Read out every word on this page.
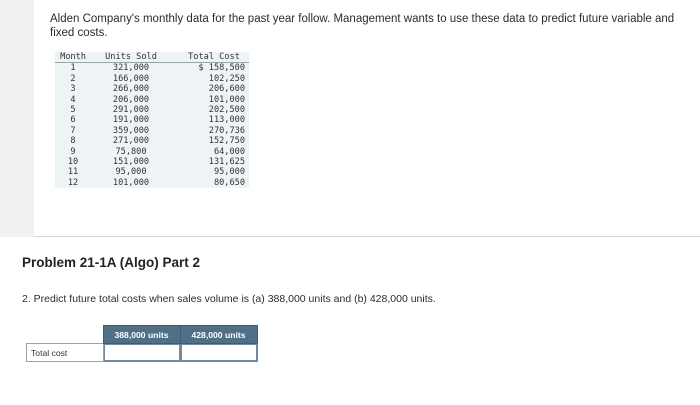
Alden Company's monthly data for the past year follow. Management wants to use these data to predict future variable and fixed costs.
Month	Units Sold		Total Cost
1	321,000		$ 158,500
2	166,000		102,250
3	266,000		206,600
4	206,000		101,000
5	291,000		202,500
6	191,000		113,000
7	359,000		270,736
8	271,000		152,750
9	75,800		64,000
10	151,000		131,625
11	95,000		95,000
12	101,000		80,650
Problem 21-1A (Algo) Part 2
2. Predict future total costs when sales volume is (a) 388,000 units and (b) 428,000 units.
	388,000 units	428,000 units
Total cost		
